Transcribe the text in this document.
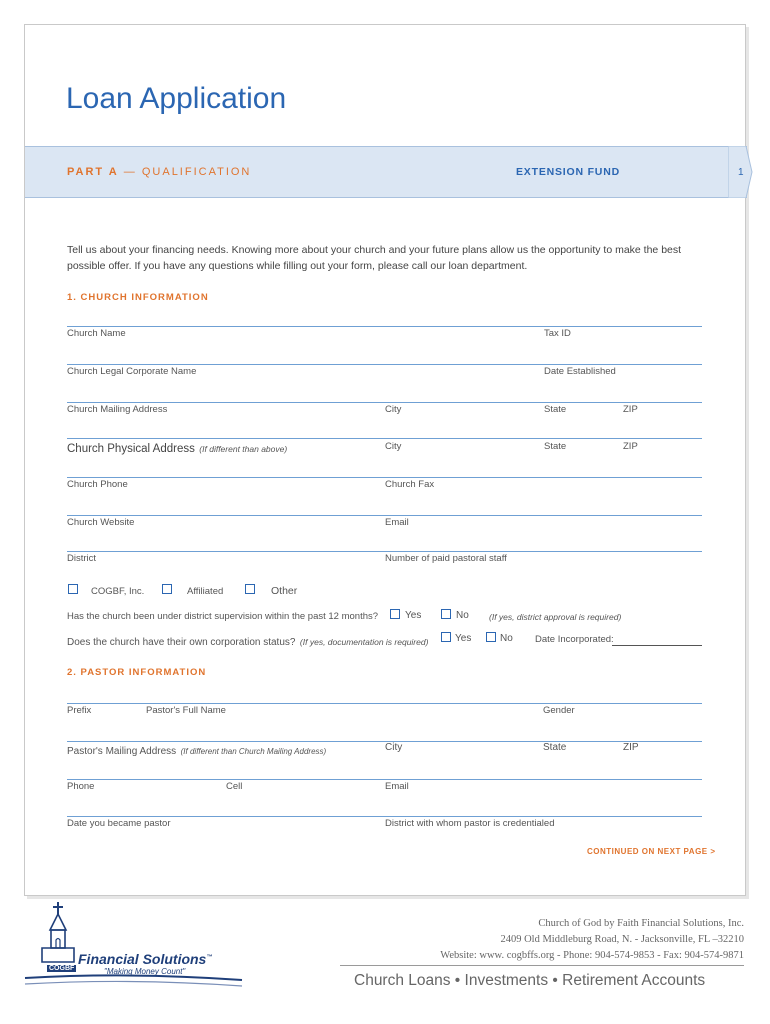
Loan Application
PART A — QUALIFICATION	EXTENSION FUND	1
Tell us about your financing needs. Knowing more about your church and your future plans allow us the opportunity to make the best possible offer. If you have any questions while filling out your form, please call our loan department.
1. CHURCH INFORMATION
Church Name	Tax ID
Church Legal Corporate Name	Date Established
Church Mailing Address	City	State	ZIP
Church Physical Address (If different than above)	City	State	ZIP
Church Phone	Church Fax
Church Website	Email
District	Number of paid pastoral staff
COGBF, Inc.	Affiliated	Other
Has the church been under district supervision within the past 12 months?	Yes	No (If yes, district approval is required)
Does the church have their own corporation status? (If yes, documentation is required)	Yes	No Date Incorporated:
2. PASTOR INFORMATION
Prefix	Pastor's Full Name	Gender
Pastor's Mailing Address (If different than Church Mailing Address)	City	State	ZIP
Phone	Cell	Email
Date you became pastor	District with whom pastor is credentialed
CONTINUED ON NEXT PAGE >
Financial Solutions™
"Making Money Count"
COGBF
Church of God by Faith Financial Solutions, Inc.
2409 Old Middleburg Road, N. - Jacksonville, FL –32210
Website: www. cogbffs.org - Phone: 904-574-9853 - Fax: 904-574-9871
Church Loans • Investments • Retirement Accounts
